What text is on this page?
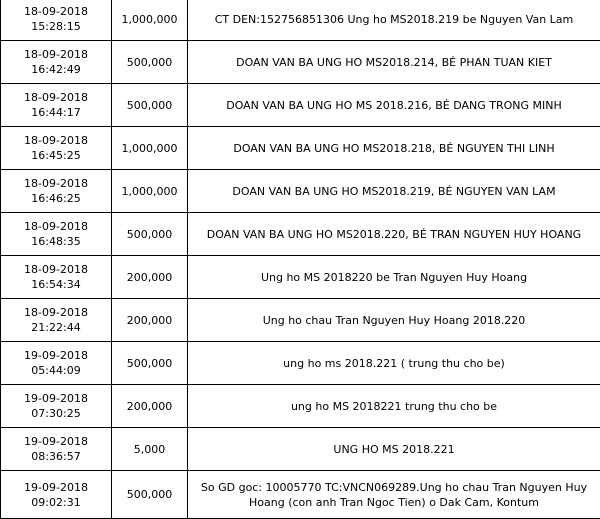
18-09-2018 15:28:15	1,000,000	CT DEN:152756851306 Ung ho MS2018.219 be Nguyen Van Lam
18-09-2018 16:42:49	500,000	DOAN VAN BA UNG HO MS2018.214, BÉ PHAN TUAN KIET
18-09-2018 16:44:17	500,000	DOAN VAN BA UNG HO MS 2018.216, BÉ DANG TRONG MINH
18-09-2018 16:45:25	1,000,000	DOAN VAN BA UNG HO MS2018.218, BÉ NGUYEN THI LINH
18-09-2018 16:46:25	1,000,000	DOAN VAN BA UNG HO MS2018.219, BÉ NGUYEN VAN LAM
18-09-2018 16:48:35	500,000	DOAN VAN BA UNG HO MS2018.220, BÉ TRAN NGUYEN HUY HOANG
18-09-2018 16:54:34	200,000	Ung ho MS 2018220 be Tran Nguyen Huy Hoang
18-09-2018 21:22:44	200,000	Ung ho chau Tran Nguyen Huy Hoang 2018.220
19-09-2018 05:44:09	500,000	ung ho ms 2018.221 ( trung thu cho be)
19-09-2018 07:30:25	200,000	ung ho MS 2018221 trung thu cho be
19-09-2018 08:36:57	5,000	UNG HO MS 2018.221
19-09-2018 09:02:31	500,000	So GD goc: 10005770 TC:VNCN069289.Ung ho chau Tran Nguyen Huy Hoang (con anh Tran Ngoc Tien) o Dak Cam, Kontum
